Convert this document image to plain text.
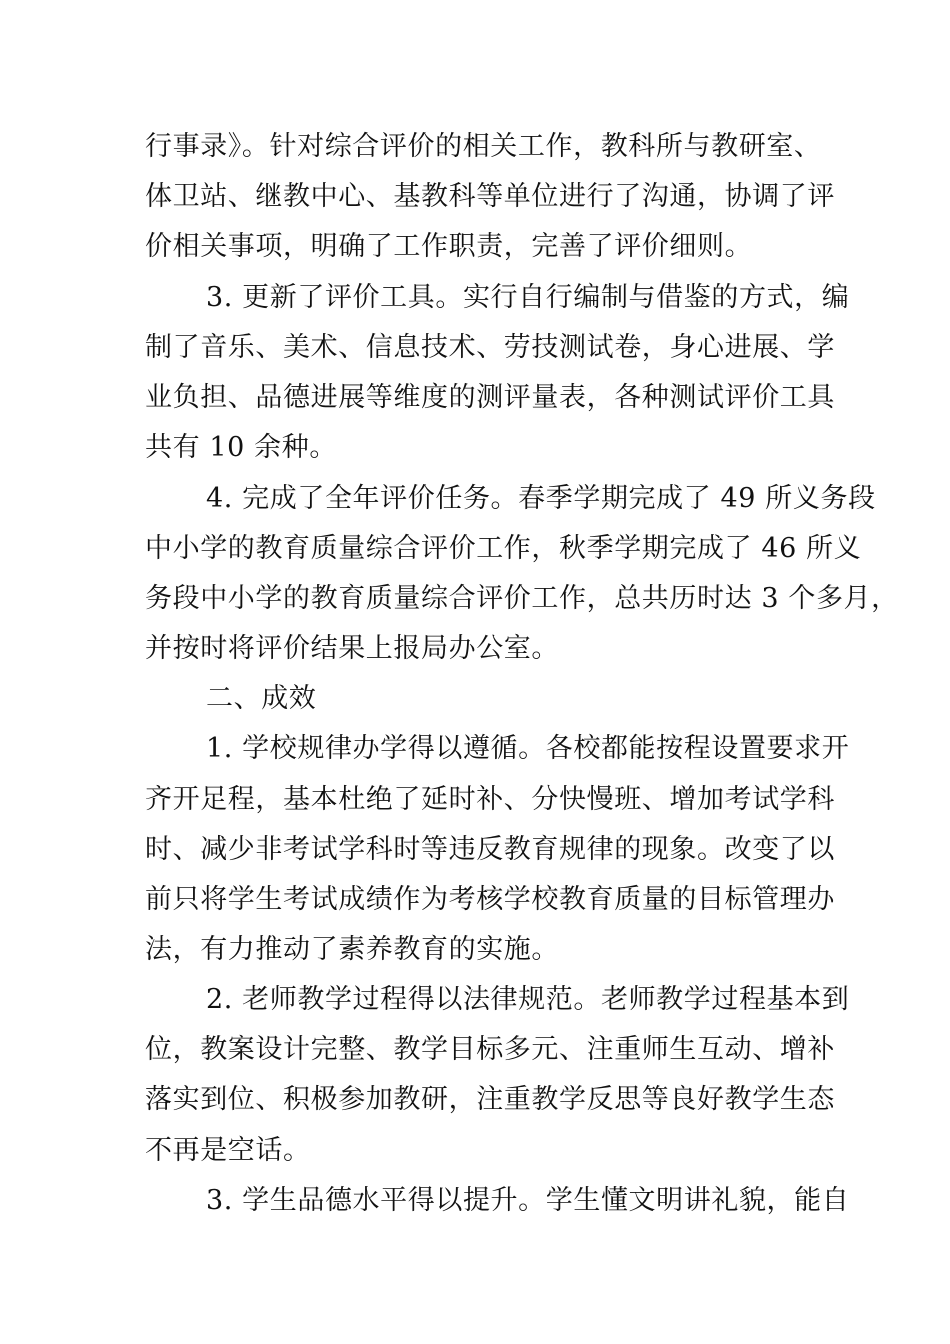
行事录》。针对综合评价的相关工作，教科所与教研室、
体卫站、继教中心、基教科等单位进行了沟通，协调了评
价相关事项，明确了工作职责，完善了评价细则。
3. 更新了评价工具。实行自行编制与借鉴的方式，编
制了音乐、美术、信息技术、劳技测试卷，身心进展、学
业负担、品德进展等维度的测评量表，各种测试评价工具
共有 10 余种。
4. 完成了全年评价任务。春季学期完成了 49 所义务段
中小学的教育质量综合评价工作，秋季学期完成了 46 所义
务段中小学的教育质量综合评价工作，总共历时达 3 个多月，
并按时将评价结果上报局办公室。
二、成效
1. 学校规律办学得以遵循。各校都能按程设置要求开
齐开足程，基本杜绝了延时补、分快慢班、增加考试学科
时、减少非考试学科时等违反教育规律的现象。改变了以
前只将学生考试成绩作为考核学校教育质量的目标管理办
法，有力推动了素养教育的实施。
2. 老师教学过程得以法律规范。老师教学过程基本到
位，教案设计完整、教学目标多元、注重师生互动、增补
落实到位、积极参加教研，注重教学反思等良好教学生态
不再是空话。
3. 学生品德水平得以提升。学生懂文明讲礼貌，能自
